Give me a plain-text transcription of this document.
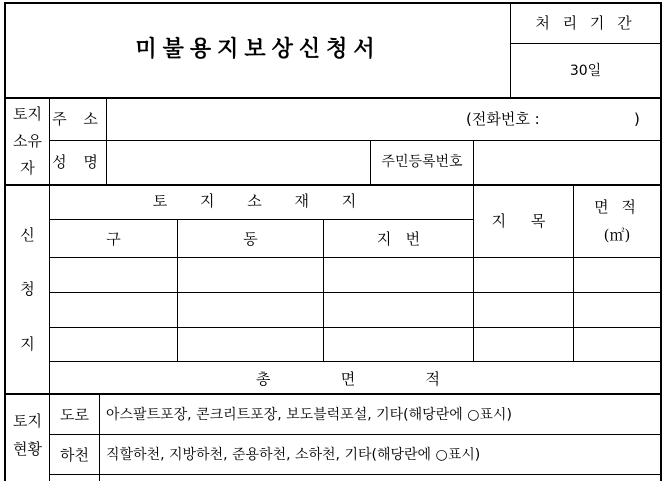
미불용지보상신청서
처 리 기 간
30일
토지
소유
자
주 소	(전화번호 :	)
성 명	주민등록번호
신
청
지
토 지 소 재 지
구	동	지   번
지 목
면 적
(㎡)
총   면   적
토지
현황
도로	아스팔트포장, 콘크리트포장, 보도블럭포설, 기타(해당란에 ○표시)
하천	직할하천, 지방하천, 준용하천, 소하천, 기타(해당란에 ○표시)
